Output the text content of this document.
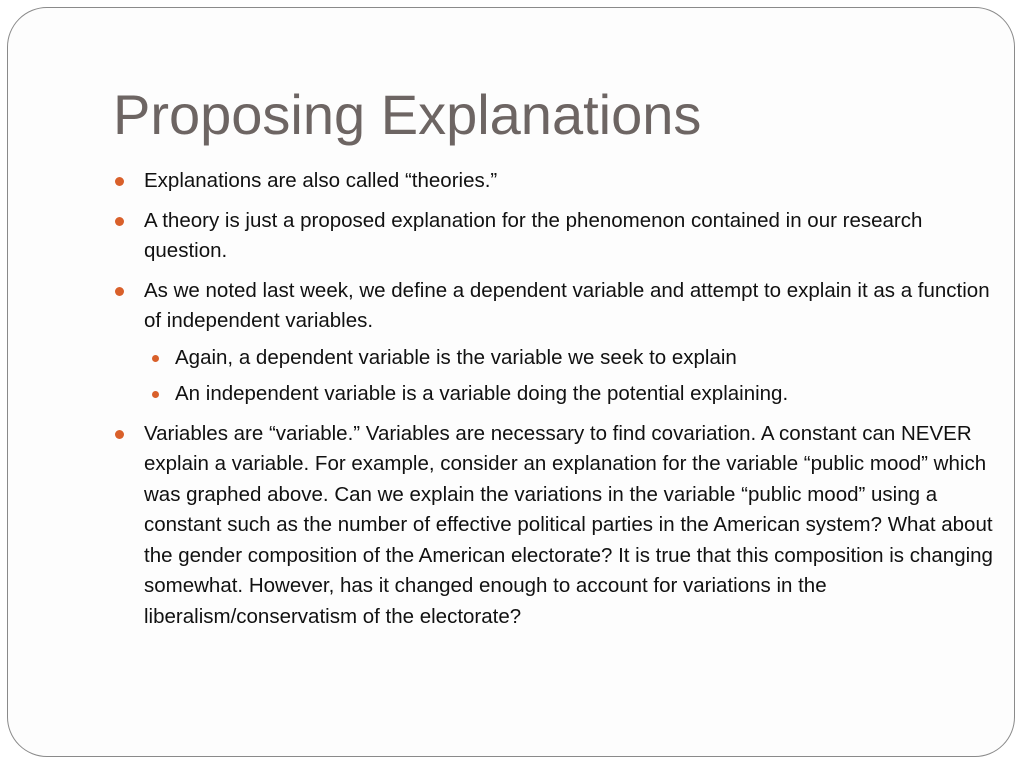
Proposing Explanations
Explanations are also called “theories.”
A theory is just a proposed explanation for the phenomenon contained in our research question.
As we noted last week, we define a dependent variable and attempt to explain it as a function of independent variables.
Again, a dependent variable is the variable we seek to explain
An independent variable is a variable doing the potential explaining.
Variables are “variable.” Variables are necessary to find covariation. A constant can NEVER explain a variable. For example, consider an explanation for the variable “public mood” which was graphed above. Can we explain the variations in the variable “public mood” using a constant such as the number of effective political parties in the American system? What about the gender composition of the American electorate? It is true that this composition is changing somewhat. However, has it changed enough to account for variations in the liberalism/conservatism of the electorate?
